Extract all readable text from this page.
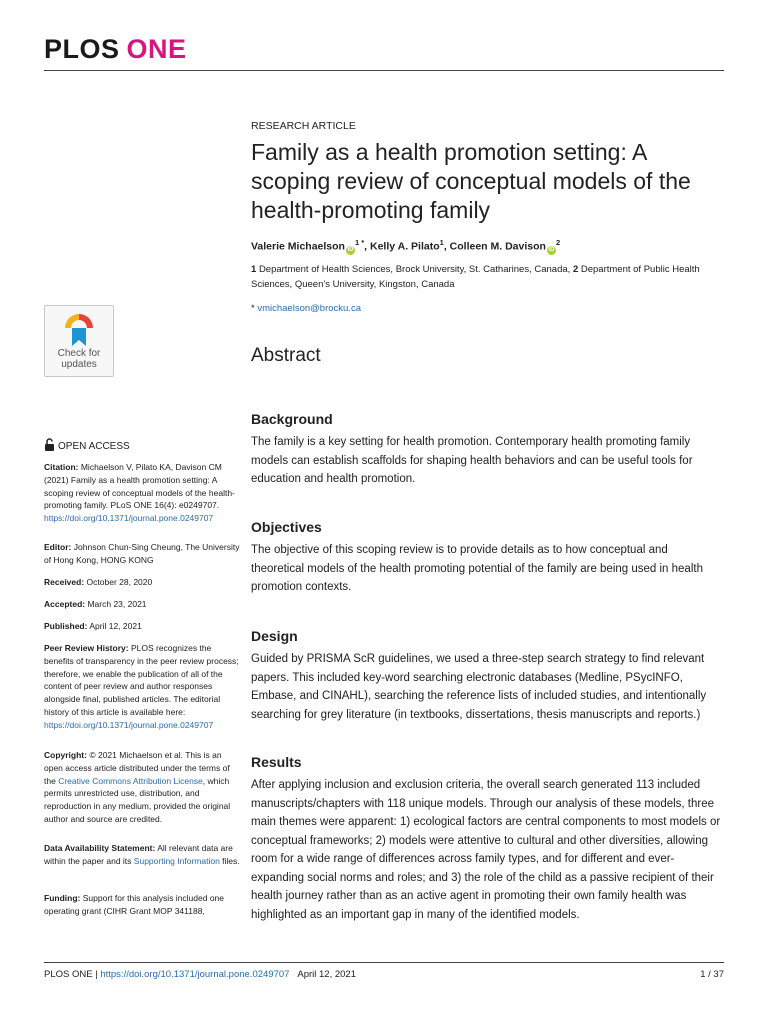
PLOS ONE
Check for updates
RESEARCH ARTICLE
Family as a health promotion setting: A scoping review of conceptual models of the health-promoting family
Valerie Michaelson $iD^{1 *}$, Kelly A. Pilato$^1$, Colleen M. Davison $iD^2$
1 Department of Health Sciences, Brock University, St. Catharines, Canada, 2 Department of Public Health Sciences, Queen’s University, Kingston, Canada
* vmichaelson@brocku.ca
Abstract
Background

The family is a key setting for health promotion. Contemporary health promoting family models can establish scaffolds for shaping health behaviors and can be useful tools for education and health promotion.

Objectives

The objective of this scoping review is to provide details as to how conceptual and theoretical models of the health promoting potential of the family are being used in health promotion contexts.

Design

Guided by PRISMA ScR guidelines, we used a three-step search strategy to find relevant papers. This included key-word searching electronic databases (Medline, PSycINFO, Embase, and CINAHL), searching the reference lists of included studies, and intentionally searching for grey literature (in textbooks, dissertations, thesis manuscripts and reports.)

Results

After applying inclusion and exclusion criteria, the overall search generated 113 included manuscripts/chapters with 118 unique models. Through our analysis of these models, three main themes were apparent: 1) ecological factors are central components to most models or conceptual frameworks; 2) models were attentive to cultural and other diversities, allowing room for a wide range of differences across family types, and for different and ever-expanding social norms and roles; and 3) the role of the child as a passive recipient of their health journey rather than as an active agent in promoting their own family health was highlighted as an important gap in many of the identified models.

OPEN ACCESS

Citation: Michaelson V, Pilato KA, Davison CM (2021) Family as a health promotion setting: A scoping review of conceptual models of the health-promoting family. PLoS ONE 16(4): e0249707. https://doi.org/10.1371/journal.pone.0249707

Editor: Johnson Chun-Sing Cheung, The University of Hong Kong, HONG KONG

Received: October 28, 2020

Accepted: March 23, 2021

Published: April 12, 2021

Peer Review History: PLOS recognizes the benefits of transparency in the peer review process; therefore, we enable the publication of all of the content of peer review and author responses alongside final, published articles. The editorial history of this article is available here: https://doi.org/10.1371/journal.pone.0249707

Copyright: © 2021 Michaelson et al. This is an open access article distributed under the terms of the Creative Commons Attribution License, which permits unrestricted use, distribution, and reproduction in any medium, provided the original author and source are credited.

Data Availability Statement: All relevant data are within the paper and its Supporting Information files.

Funding: Support for this analysis included one operating grant (CIHR Grant MOP 341188,

PLOS ONE | https://doi.org/10.1371/journal.pone.0249707 April 12, 2021	1 / 37
